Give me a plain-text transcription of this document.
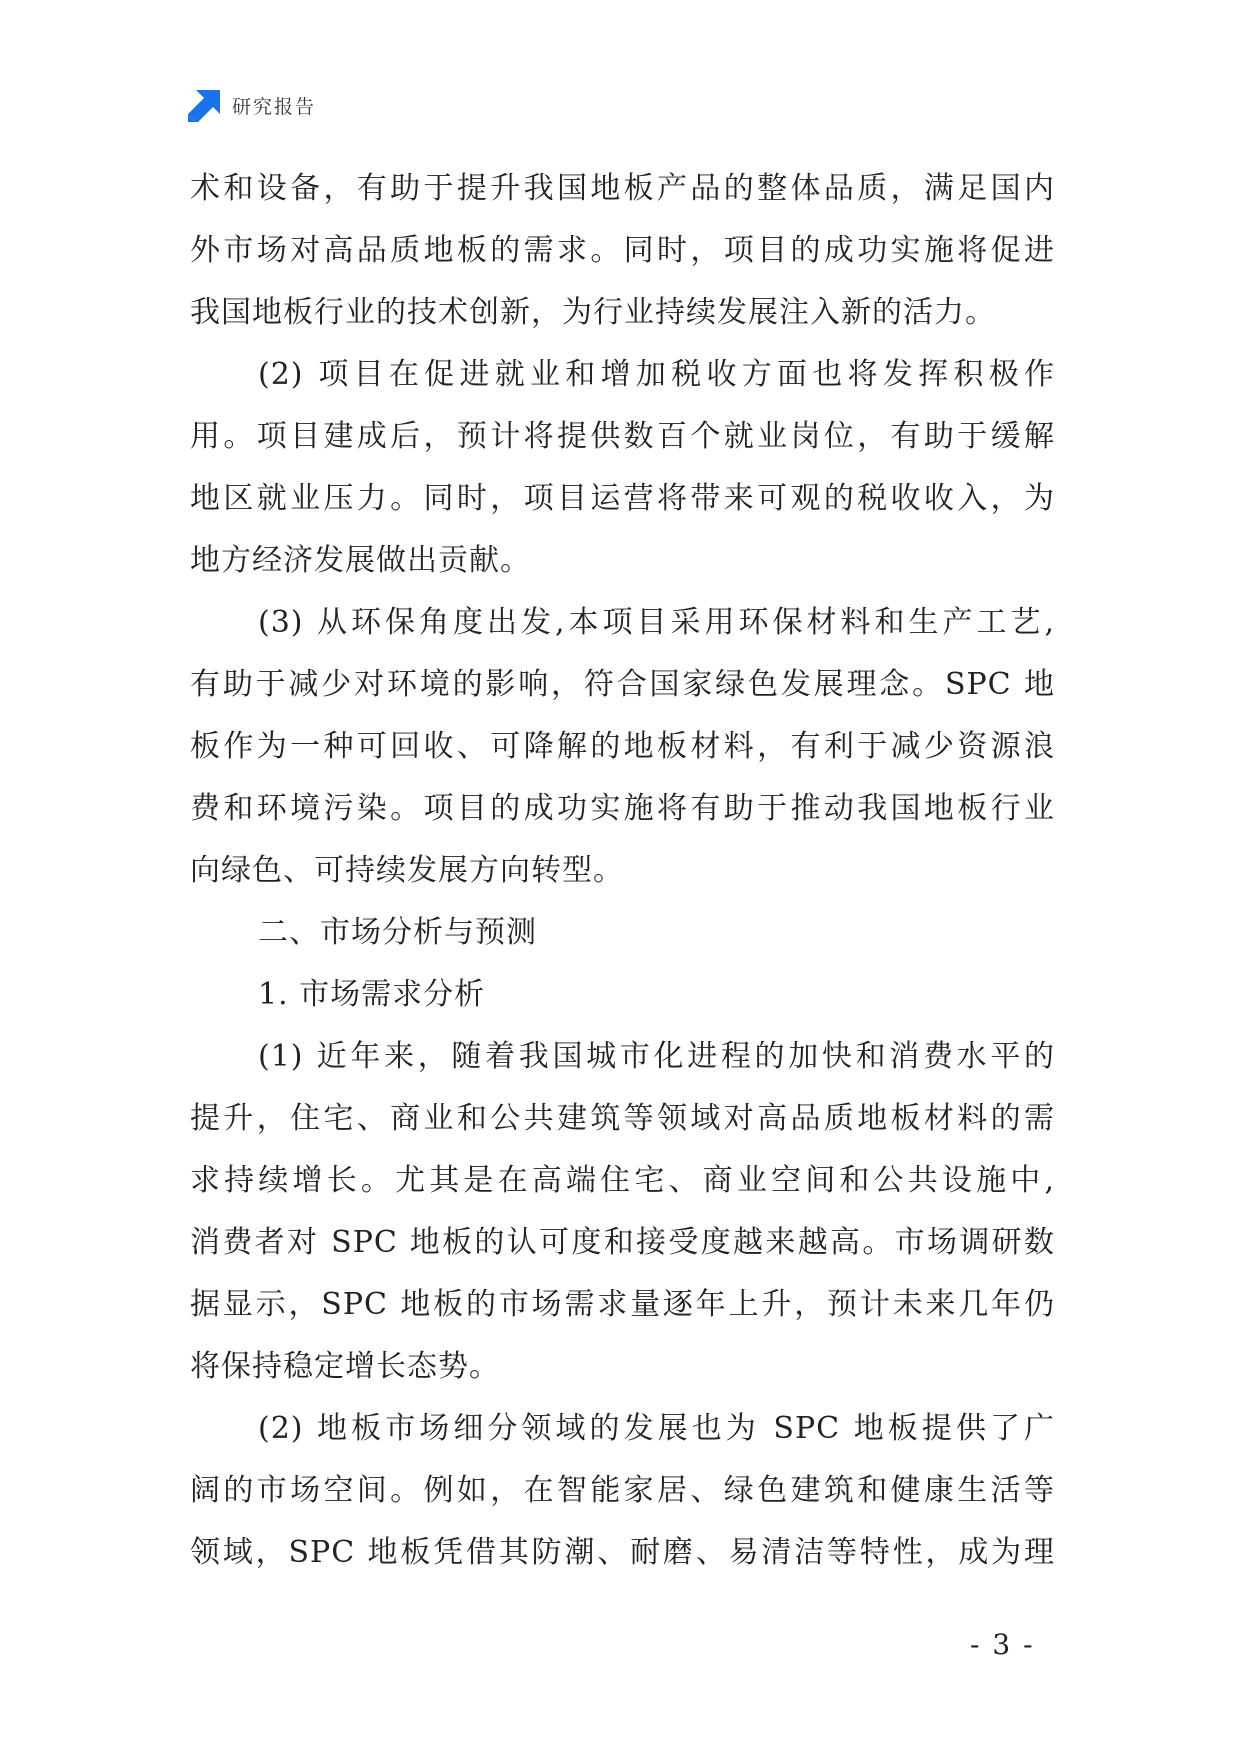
研究报告
术和设备，有助于提升我国地板产品的整体品质，满足国内
外市场对高品质地板的需求。同时，项目的成功实施将促进
我国地板行业的技术创新，为行业持续发展注入新的活力。
(2) 项目在促进就业和增加税收方面也将发挥积极作
用。项目建成后，预计将提供数百个就业岗位，有助于缓解
地区就业压力。同时，项目运营将带来可观的税收收入，为
地方经济发展做出贡献。
(3) 从环保角度出发,本项目采用环保材料和生产工艺,
有助于减少对环境的影响，符合国家绿色发展理念。SPC 地
板作为一种可回收、可降解的地板材料，有利于减少资源浪
费和环境污染。项目的成功实施将有助于推动我国地板行业
向绿色、可持续发展方向转型。
二、市场分析与预测
1. 市场需求分析
(1) 近年来，随着我国城市化进程的加快和消费水平的
提升，住宅、商业和公共建筑等领域对高品质地板材料的需
求持续增长。尤其是在高端住宅、商业空间和公共设施中,
消费者对 SPC 地板的认可度和接受度越来越高。市场调研数
据显示，SPC 地板的市场需求量逐年上升，预计未来几年仍
将保持稳定增长态势。
(2) 地板市场细分领域的发展也为 SPC 地板提供了广
阔的市场空间。例如，在智能家居、绿色建筑和健康生活等
领域，SPC 地板凭借其防潮、耐磨、易清洁等特性，成为理
- 3 -
